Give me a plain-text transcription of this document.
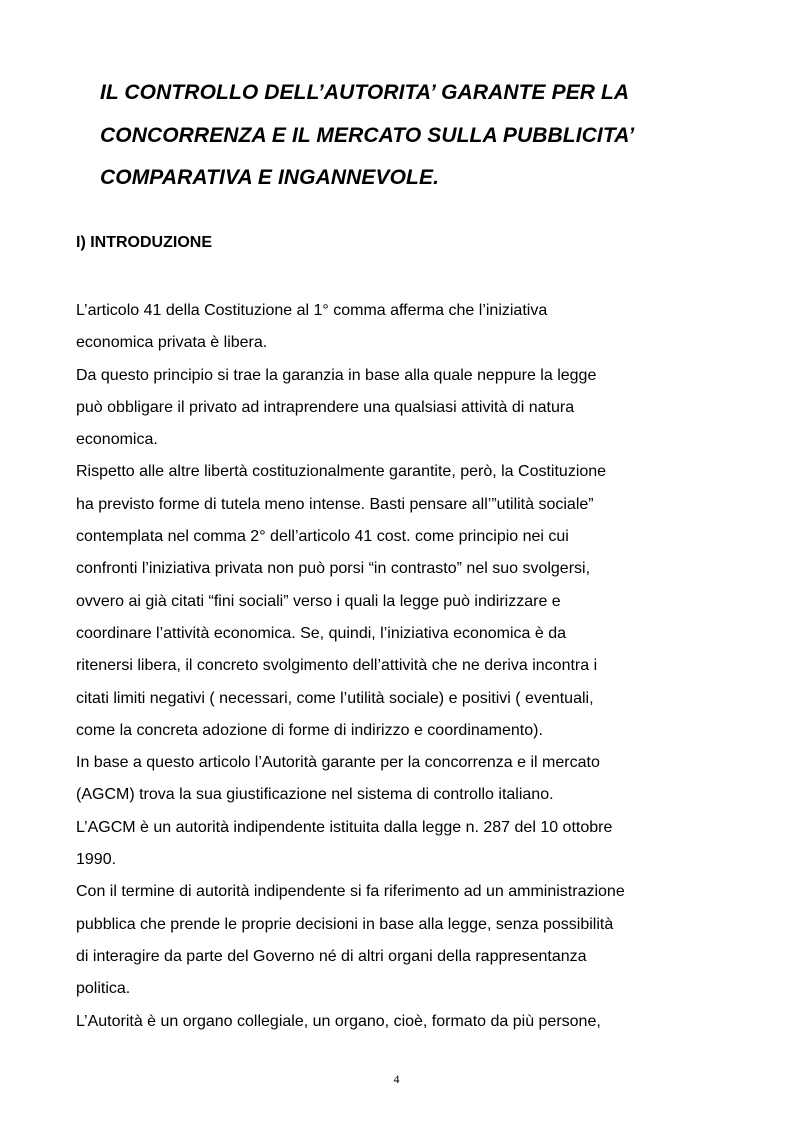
IL CONTROLLO DELL’AUTORITA’ GARANTE PER LA
CONCORRENZA E IL MERCATO SULLA PUBBLICITA’
COMPARATIVA E INGANNEVOLE.
I) INTRODUZIONE
L’articolo 41 della Costituzione al 1° comma afferma che l’iniziativa
economica privata è libera.
Da questo principio si trae la garanzia in base alla quale neppure la legge
può obbligare il privato ad intraprendere una qualsiasi attività di natura
economica.
Rispetto alle altre libertà costituzionalmente garantite, però, la Costituzione
ha previsto forme di tutela meno intense. Basti pensare all’”utilità sociale”
contemplata nel comma 2° dell’articolo 41 cost. come principio nei cui
confronti l’iniziativa privata non può porsi “in contrasto” nel suo svolgersi,
ovvero ai già citati “fini sociali” verso i quali la legge può indirizzare e
coordinare l’attività economica. Se, quindi, l’iniziativa economica è da
ritenersi libera, il concreto svolgimento dell’attività che ne deriva incontra i
citati limiti negativi ( necessari, come l’utilità sociale) e positivi ( eventuali,
come la concreta adozione di forme di indirizzo e coordinamento).
In base a questo articolo l’Autorità garante per la concorrenza e il mercato
(AGCM) trova la sua giustificazione nel sistema di controllo italiano.
L’AGCM è un autorità indipendente istituita dalla legge n. 287 del 10 ottobre
1990.
Con il termine di autorità indipendente si fa riferimento ad un amministrazione
pubblica che prende le proprie decisioni in base alla legge, senza possibilità
di interagire da parte del Governo né di altri organi della rappresentanza
politica.
L’Autorità è un organo collegiale, un organo, cioè, formato da più persone,
4
